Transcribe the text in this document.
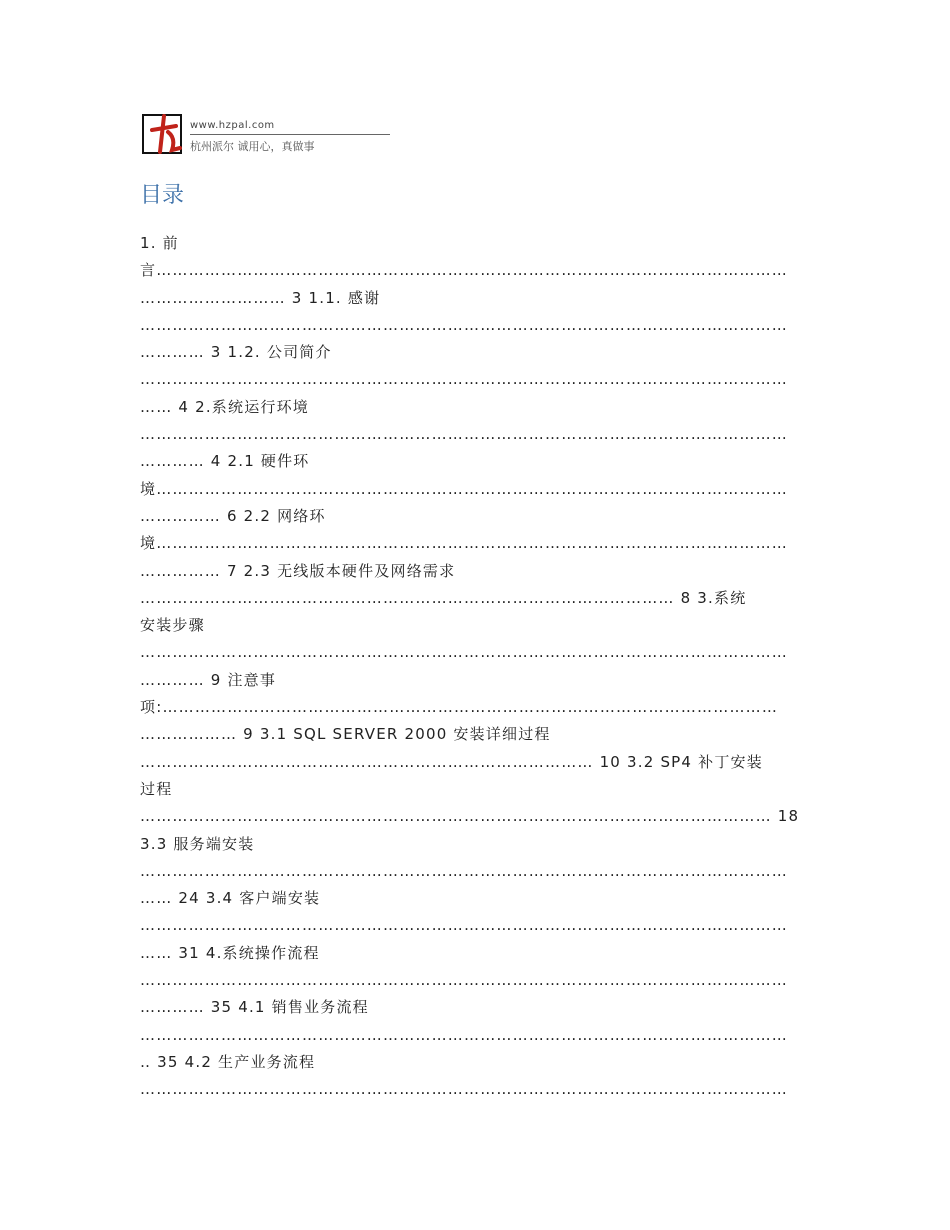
www.hzpal.com
杭州派尔 诚用心，真做事
目录
1. 前
言………………………………………………………………………………………………………
……………………… 3 1.1. 感谢
…………………………………………………………………………………………………………
………… 3 1.2. 公司简介
…………………………………………………………………………………………………………
…… 4 2.系统运行环境
…………………………………………………………………………………………………………
………… 4 2.1 硬件环
境………………………………………………………………………………………………………
…………… 6 2.2 网络环
境………………………………………………………………………………………………………
…………… 7 2.3 无线版本硬件及网络需求
……………………………………………………………………………………… 8 3.系统
安装步骤
…………………………………………………………………………………………………………
………… 9 注意事
项:……………………………………………………………………………………………………
……………… 9 3.1 SQL SERVER 2000 安装详细过程
………………………………………………………………………… 10 3.2 SP4 补丁安装
过程
……………………………………………………………………………………………………… 18
3.3 服务端安装
…………………………………………………………………………………………………………
…… 24 3.4 客户端安装
…………………………………………………………………………………………………………
…… 31 4.系统操作流程
…………………………………………………………………………………………………………
………… 35 4.1 销售业务流程
…………………………………………………………………………………………………………
‥ 35 4.2 生产业务流程
…………………………………………………………………………………………………………
